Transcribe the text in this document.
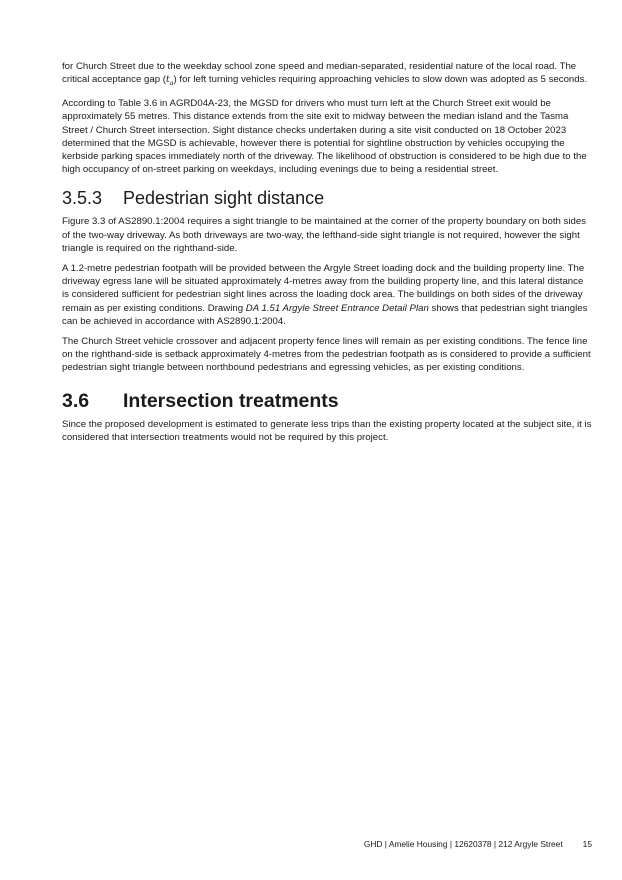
for Church Street due to the weekday school zone speed and median-separated, residential nature of the local road. The critical acceptance gap $(t_a)$ for left turning vehicles requiring approaching vehicles to slow down was adopted as 5 seconds.

According to Table 3.6 in AGRD04A-23, the MGSD for drivers who must turn left at the Church Street exit would be approximately 55 metres. This distance extends from the site exit to midway between the median island and the Tasma Street / Church Street intersection. Sight distance checks undertaken during a site visit conducted on 18 October 2023 determined that the MGSD is achievable, however there is potential for sightline obstruction by vehicles occupying the kerbside parking spaces immediately north of the driveway. The likelihood of obstruction is considered to be high due to the high occupancy of on-street parking on weekdays, including evenings due to being a residential street.

3.5.3	Pedestrian sight distance

Figure 3.3 of AS2890.1:2004 requires a sight triangle to be maintained at the corner of the property boundary on both sides of the two-way driveway. As both driveways are two-way, the lefthand-side sight triangle is not required, however the sight triangle is required on the righthand-side.

A 1.2-metre pedestrian footpath will be provided between the Argyle Street loading dock and the building property line. The driveway egress lane will be situated approximately 4-metres away from the building property line, and this lateral distance is considered sufficient for pedestrian sight lines across the loading dock area. The buildings on both sides of the driveway remain as per existing conditions. Drawing DA 1.51 Argyle Street Entrance Detail Plan shows that pedestrian sight triangles can be achieved in accordance with AS2890.1:2004.

The Church Street vehicle crossover and adjacent property fence lines will remain as per existing conditions. The fence line on the righthand-side is setback approximately 4-metres from the pedestrian footpath as is considered to provide a sufficient pedestrian sight triangle between northbound pedestrians and egressing vehicles, as per existing conditions.

3.6	Intersection treatments

Since the proposed development is estimated to generate less trips than the existing property located at the subject site, it is considered that intersection treatments would not be required by this project.

GHD | Amelie Housing | 12620378 | 212 Argyle Street 15
